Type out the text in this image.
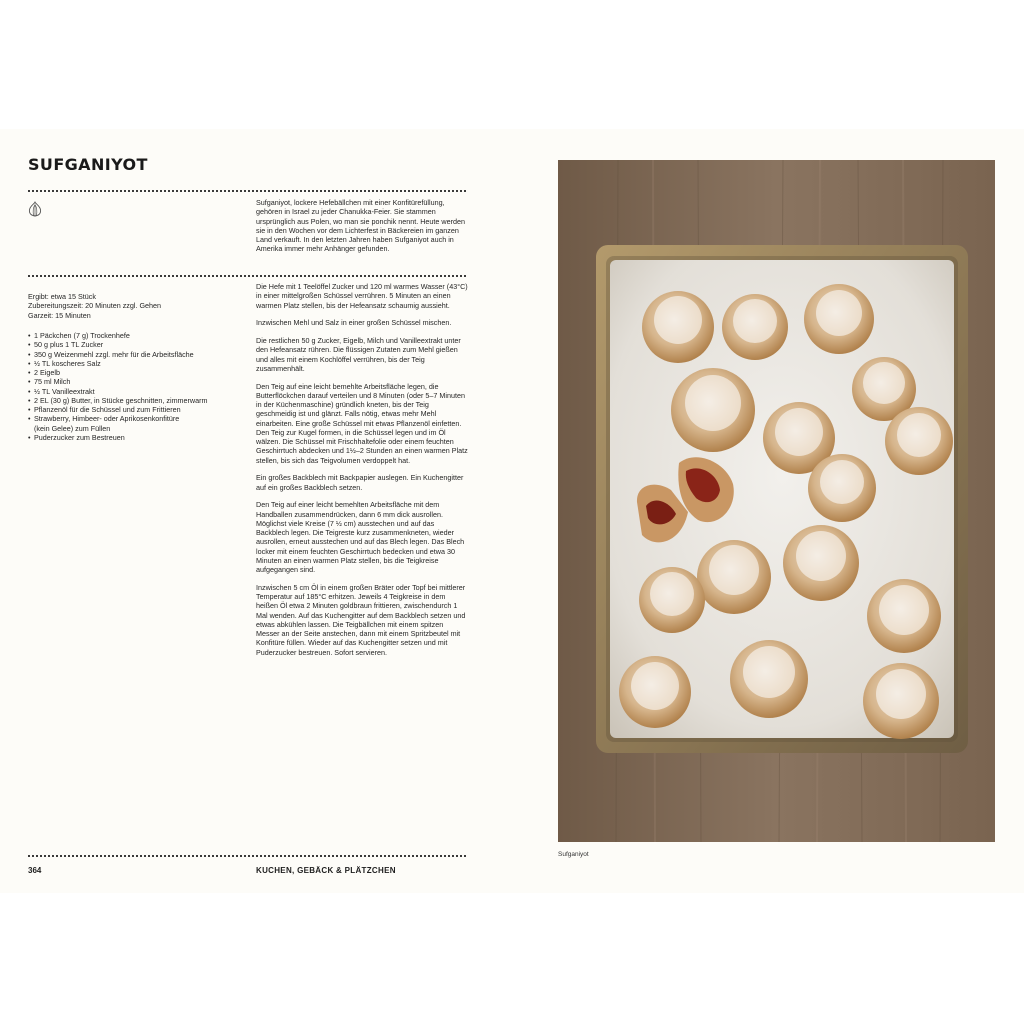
SUFGANIYOT
Sufganiyot, lockere Hefebällchen mit einer Konfitürefüllung, gehören in Israel zu jeder Chanukka-Feier. Sie stammen ursprünglich aus Polen, wo man sie ponchik nennt. Heute werden sie in den Wochen vor dem Lichterfest in Bäckereien im ganzen Land verkauft. In den letzten Jahren haben Sufganiyot auch in Amerika immer mehr Anhänger gefunden.
Ergibt: etwa 15 Stück
Zubereitungszeit: 20 Minuten zzgl. Gehen
Garzeit: 15 Minuten
• 1 Päckchen (7 g) Trockenhefe
• 50 g plus 1 TL Zucker
• 350 g Weizenmehl zzgl. mehr für die Arbeitsfläche
• ½ TL koscheres Salz
• 2 Eigelb
• 75 ml Milch
• ½ TL Vanilleextrakt
• 2 EL (30 g) Butter, in Stücke geschnitten, zimmerwarm
• Pflanzenöl für die Schüssel und zum Frittieren
• Strawberry, Himbeer- oder Aprikosenkonfitüre
(kein Gelee) zum Füllen
• Puderzucker zum Bestreuen

Die Hefe mit 1 Teelöffel Zucker und 120 ml warmes Wasser (43°C) in einer mittelgroßen Schüssel verrühren. 5 Minuten an einen warmen Platz stellen, bis der Hefeansatz schaumig aussieht.

Inzwischen Mehl und Salz in einer großen Schüssel mischen.

Die restlichen 50 g Zucker, Eigelb, Milch und Vanilleextrakt unter den Hefeansatz rühren. Die flüssigen Zutaten zum Mehl gießen und alles mit einem Kochlöffel verrühren, bis der Teig zusammenhält.

Den Teig auf eine leicht bemehlte Arbeitsfläche legen, die Butterflöckchen darauf verteilen und 8 Minuten (oder 5–7 Minuten in der Küchenmaschine) gründlich kneten, bis der Teig geschmeidig ist und glänzt. Falls nötig, etwas mehr Mehl einarbeiten. Eine große Schüssel mit etwas Pflanzenöl einfetten. Den Teig zur Kugel formen, in die Schüssel legen und im Öl wälzen. Die Schüssel mit Frischhaltefolie oder einem feuchten Geschirrtuch abdecken und 1½–2 Stunden an einen warmen Platz stellen, bis sich das Teigvolumen verdoppelt hat.

Ein großes Backblech mit Backpapier auslegen. Ein Kuchengitter auf ein großes Backblech setzen.

Den Teig auf einer leicht bemehlten Arbeitsfläche mit dem Handballen zusammendrücken, dann 6 mm dick ausrollen. Möglichst viele Kreise (7 ½ cm) ausstechen und auf das Backblech legen. Die Teigreste kurz zusammenkneten, wieder ausrollen, erneut ausstechen und auf das Blech legen. Das Blech locker mit einem feuchten Geschirrtuch bedecken und etwa 30 Minuten an einen warmen Platz stellen, bis die Teigkreise aufgegangen sind.

Inzwischen 5 cm Öl in einem großen Bräter oder Topf bei mittlerer Temperatur auf 185°C erhitzen. Jeweils 4 Teigkreise in dem heißen Öl etwa 2 Minuten goldbraun frittieren, zwischendurch 1 Mal wenden. Auf das Kuchengitter auf dem Backblech setzen und etwas abkühlen lassen. Die Teigbällchen mit einem spitzen Messer an der Seite anstechen, dann mit einem Spritzbeutel mit Konfitüre füllen. Wieder auf das Kuchengitter setzen und mit Puderzucker bestreuen. Sofort servieren.

364	KUCHEN, GEBÄCK & PLÄTZCHEN
Sufganiyot
